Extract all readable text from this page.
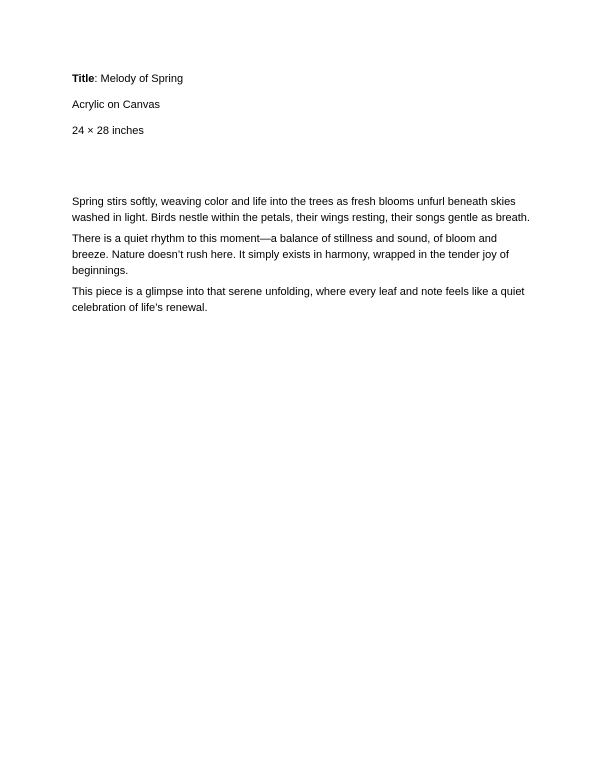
Title: Melody of Spring

Acrylic on Canvas

24 × 28 inches

Spring stirs softly, weaving color and life into the trees as fresh blooms unfurl beneath skies washed in light. Birds nestle within the petals, their wings resting, their songs gentle as breath.

There is a quiet rhythm to this moment—a balance of stillness and sound, of bloom and breeze. Nature doesn’t rush here. It simply exists in harmony, wrapped in the tender joy of beginnings.

This piece is a glimpse into that serene unfolding, where every leaf and note feels like a quiet celebration of life’s renewal.
